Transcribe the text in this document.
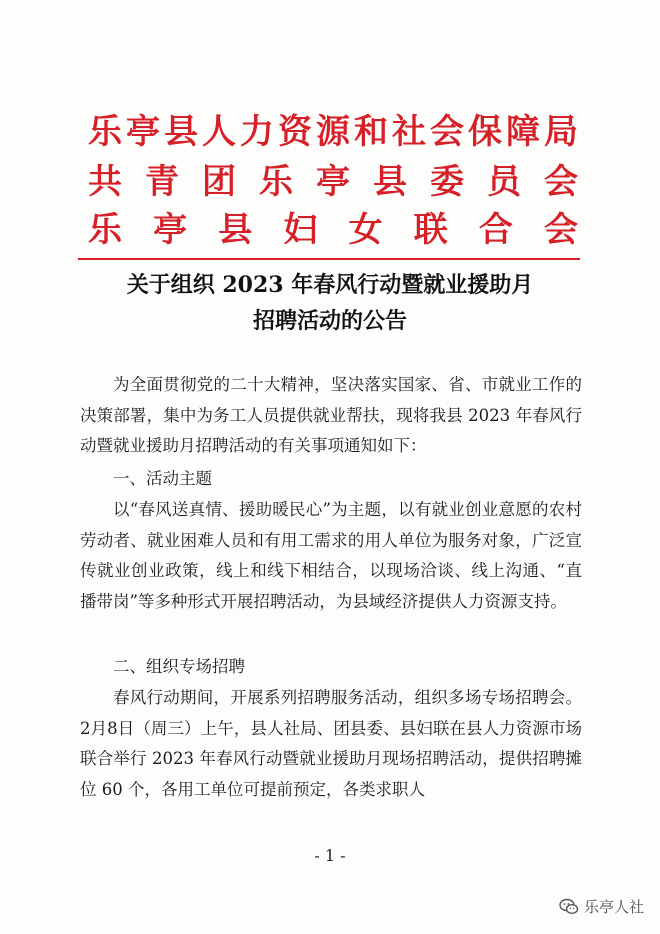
乐亭县人力资源和社会保障局
共青团乐亭县委员会
乐亭县妇女联合会
关于组织 2023 年春风行动暨就业援助月
招聘活动的公告
为全面贯彻党的二十大精神，坚决落实国家、省、市就业工作的决策部署，集中为务工人员提供就业帮扶，现将我县 2023 年春风行动暨就业援助月招聘活动的有关事项通知如下：
一、活动主题
以“春风送真情、援助暖民心”为主题，以有就业创业意愿的农村劳动者、就业困难人员和有用工需求的用人单位为服务对象，广泛宣传就业创业政策，线上和线下相结合，以现场洽谈、线上沟通、“直播带岗”等多种形式开展招聘活动，为县域经济提供人力资源支持。
二、组织专场招聘
春风行动期间，开展系列招聘服务活动，组织多场专场招聘会。2月8日（周三）上午，县人社局、团县委、县妇联在县人力资源市场联合举行 2023 年春风行动暨就业援助月现场招聘活动，提供招聘摊位 60 个，各用工单位可提前预定，各类求职人
- 1 -
乐亭人社
